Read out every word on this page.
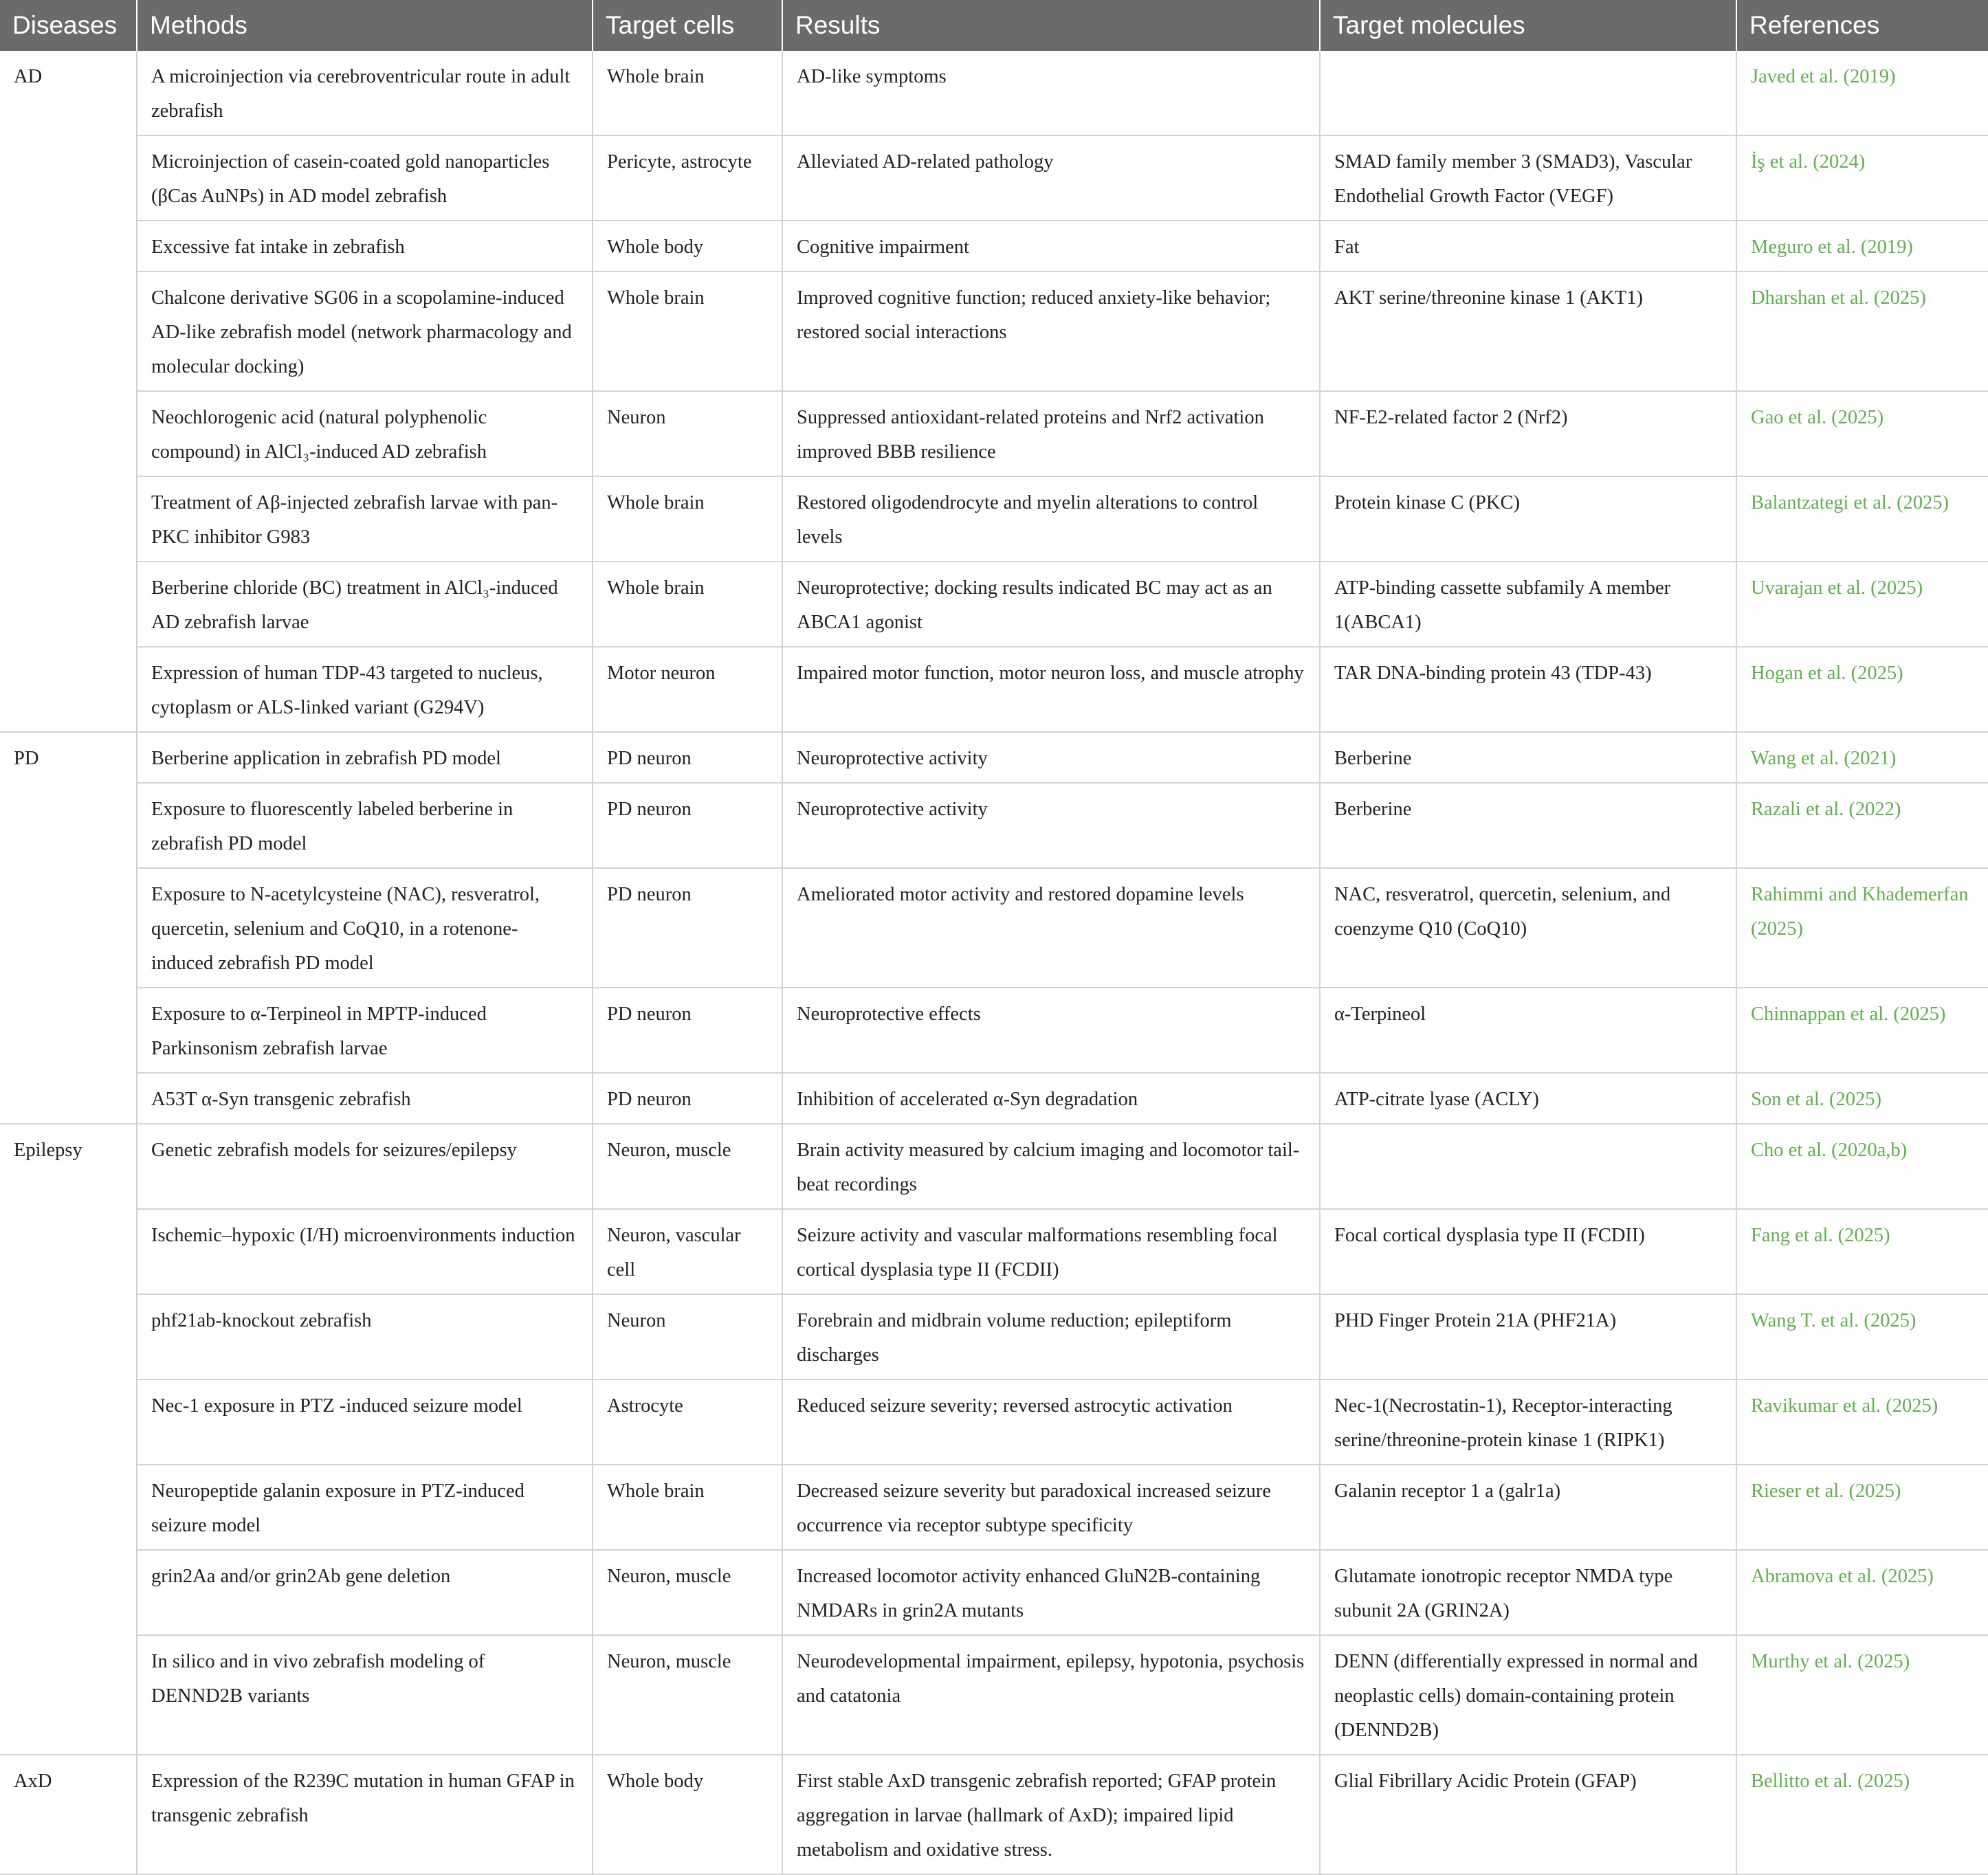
Diseases	Methods	Target cells	Results	Target molecules	References
AD	A microinjection via cerebroventricular route in adult zebrafish	Whole brain	AD-like symptoms		Javed et al. (2019)
	Microinjection of casein-coated gold nanoparticles (βCas AuNPs) in AD model zebrafish	Pericyte, astrocyte	Alleviated AD-related pathology	SMAD family member 3 (SMAD3), Vascular Endothelial Growth Factor (VEGF)	İş et al. (2024)
	Excessive fat intake in zebrafish	Whole body	Cognitive impairment	Fat	Meguro et al. (2019)
	Chalcone derivative SG06 in a scopolamine-induced AD-like zebrafish model (network pharmacology and molecular docking)	Whole brain	Improved cognitive function; reduced anxiety-like behavior; restored social interactions	AKT serine/threonine kinase 1 (AKT1)	Dharshan et al. (2025)
	Neochlorogenic acid (natural polyphenolic compound) in AlCl₃-induced AD zebrafish	Neuron	Suppressed antioxidant-related proteins and Nrf2 activation improved BBB resilience	NF-E2-related factor 2 (Nrf2)	Gao et al. (2025)
	Treatment of Aβ-injected zebrafish larvae with pan-PKC inhibitor G983	Whole brain	Restored oligodendrocyte and myelin alterations to control levels	Protein kinase C (PKC)	Balantzategi et al. (2025)
	Berberine chloride (BC) treatment in AlCl₃-induced AD zebrafish larvae	Whole brain	Neuroprotective; docking results indicated BC may act as an ABCA1 agonist	ATP-binding cassette subfamily A member 1(ABCA1)	Uvarajan et al. (2025)
	Expression of human TDP-43 targeted to nucleus, cytoplasm or ALS-linked variant (G294V)	Motor neuron	Impaired motor function, motor neuron loss, and muscle atrophy	TAR DNA-binding protein 43 (TDP-43)	Hogan et al. (2025)
PD	Berberine application in zebrafish PD model	PD neuron	Neuroprotective activity	Berberine	Wang et al. (2021)
	Exposure to fluorescently labeled berberine in zebrafish PD model	PD neuron	Neuroprotective activity	Berberine	Razali et al. (2022)
	Exposure to N-acetylcysteine (NAC), resveratrol, quercetin, selenium and CoQ10, in a rotenone-induced zebrafish PD model	PD neuron	Ameliorated motor activity and restored dopamine levels	NAC, resveratrol, quercetin, selenium, and coenzyme Q10 (CoQ10)	Rahimmi and Khademerfan (2025)
	Exposure to α-Terpineol in MPTP-induced Parkinsonism zebrafish larvae	PD neuron	Neuroprotective effects	α-Terpineol	Chinnappan et al. (2025)
	A53T α-Syn transgenic zebrafish	PD neuron	Inhibition of accelerated α-Syn degradation	ATP-citrate lyase (ACLY)	Son et al. (2025)
Epilepsy	Genetic zebrafish models for seizures/epilepsy	Neuron, muscle	Brain activity measured by calcium imaging and locomotor tail-beat recordings		Cho et al. (2020a,b)
	Ischemic–hypoxic (I/H) microenvironments induction	Neuron, vascular cell	Seizure activity and vascular malformations resembling focal cortical dysplasia type II (FCDII)	Focal cortical dysplasia type II (FCDII)	Fang et al. (2025)
	phf21ab-knockout zebrafish	Neuron	Forebrain and midbrain volume reduction; epileptiform discharges	PHD Finger Protein 21A (PHF21A)	Wang T. et al. (2025)
	Nec-1 exposure in PTZ -induced seizure model	Astrocyte	Reduced seizure severity; reversed astrocytic activation	Nec-1(Necrostatin-1), Receptor-interacting serine/threonine-protein kinase 1 (RIPK1)	Ravikumar et al. (2025)
	Neuropeptide galanin exposure in PTZ-induced seizure model	Whole brain	Decreased seizure severity but paradoxical increased seizure occurrence via receptor subtype specificity	Galanin receptor 1 a (galr1a)	Rieser et al. (2025)
	grin2Aa and/or grin2Ab gene deletion	Neuron, muscle	Increased locomotor activity enhanced GluN2B-containing NMDARs in grin2A mutants	Glutamate ionotropic receptor NMDA type subunit 2A (GRIN2A)	Abramova et al. (2025)
	In silico and in vivo zebrafish modeling of DENND2B variants	Neuron, muscle	Neurodevelopmental impairment, epilepsy, hypotonia, psychosis and catatonia	DENN (differentially expressed in normal and neoplastic cells) domain-containing protein (DENND2B)	Murthy et al. (2025)
AxD	Expression of the R239C mutation in human GFAP in transgenic zebrafish	Whole body	First stable AxD transgenic zebrafish reported; GFAP protein aggregation in larvae (hallmark of AxD); impaired lipid metabolism and oxidative stress.	Glial Fibrillary Acidic Protein (GFAP)	Bellitto et al. (2025)
